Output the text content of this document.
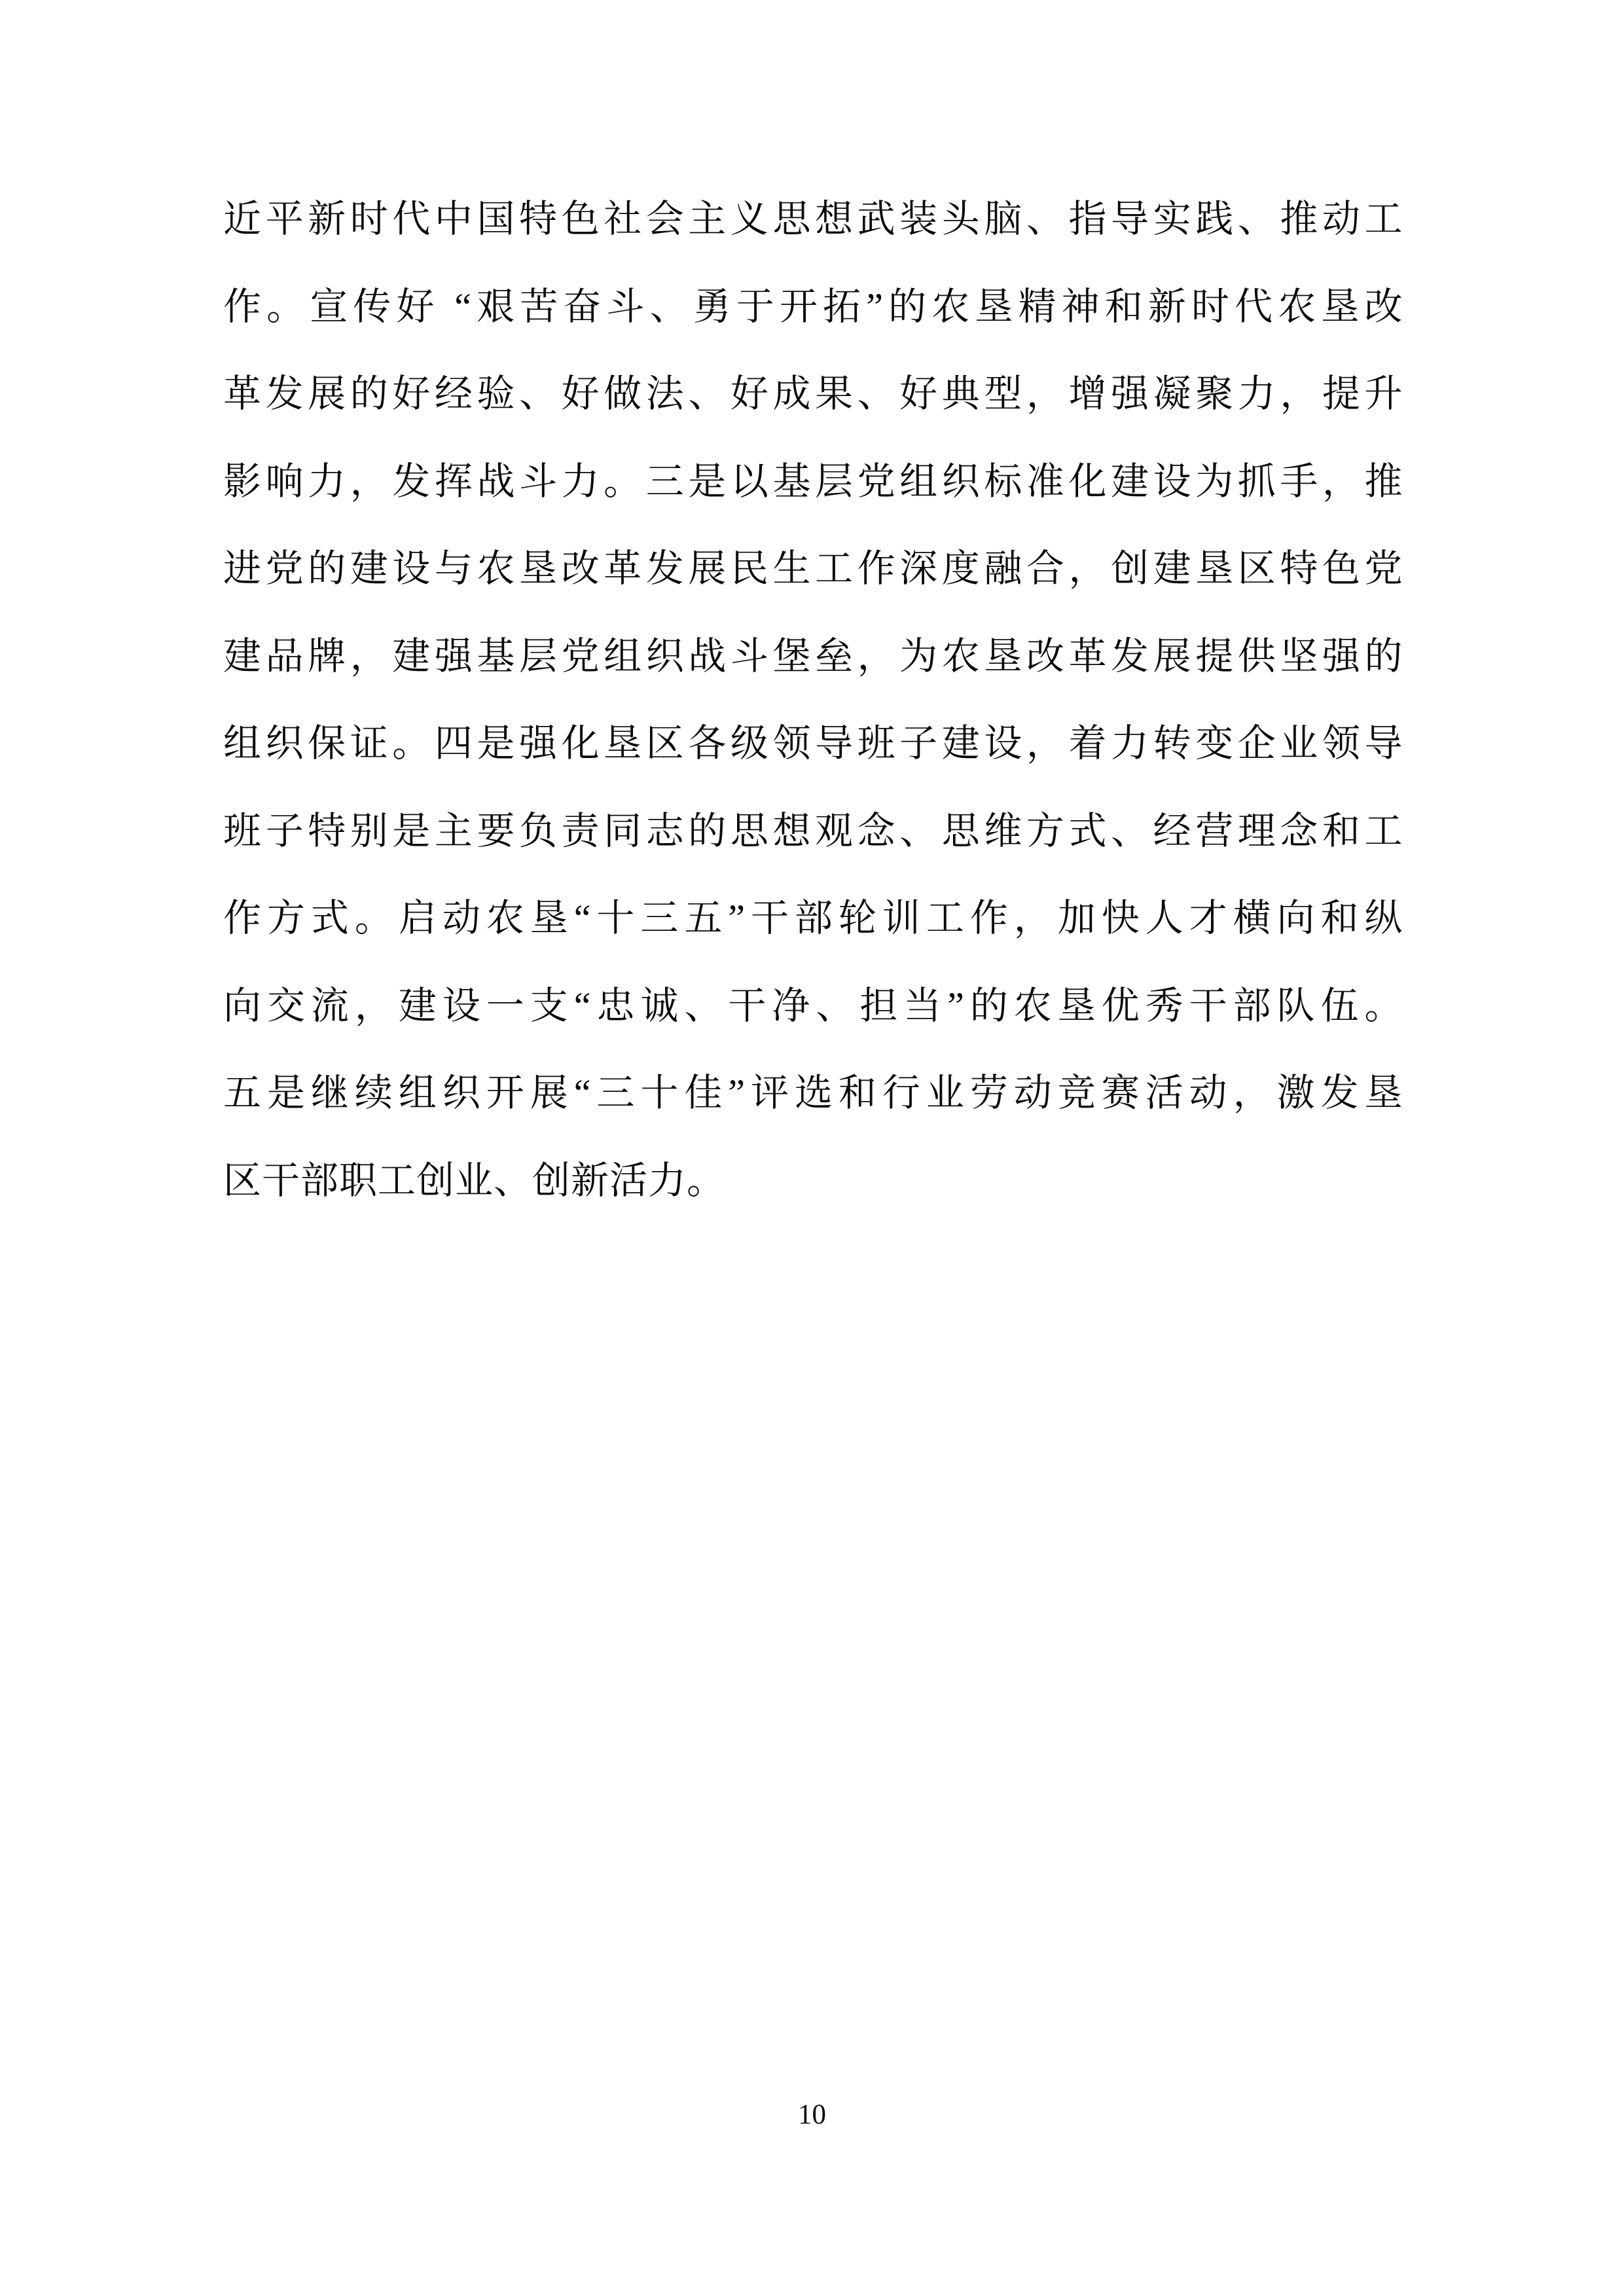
近平新时代中国特色社会主义思想武装头脑、指导实践、推动工
作。宣传好 “艰苦奋斗、勇于开拓”的农垦精神和新时代农垦改
革发展的好经验、好做法、好成果、好典型，增强凝聚力，提升
影响力，发挥战斗力。三是以基层党组织标准化建设为抓手，推
进党的建设与农垦改革发展民生工作深度融合，创建垦区特色党
建品牌，建强基层党组织战斗堡垒，为农垦改革发展提供坚强的
组织保证。四是强化垦区各级领导班子建设，着力转变企业领导
班子特别是主要负责同志的思想观念、思维方式、经营理念和工
作方式。启动农垦“十三五”干部轮训工作，加快人才横向和纵
向交流，建设一支“忠诚、干净、担当”的农垦优秀干部队伍。
五是继续组织开展“三十佳”评选和行业劳动竞赛活动，激发垦
区干部职工创业、创新活力。
10
